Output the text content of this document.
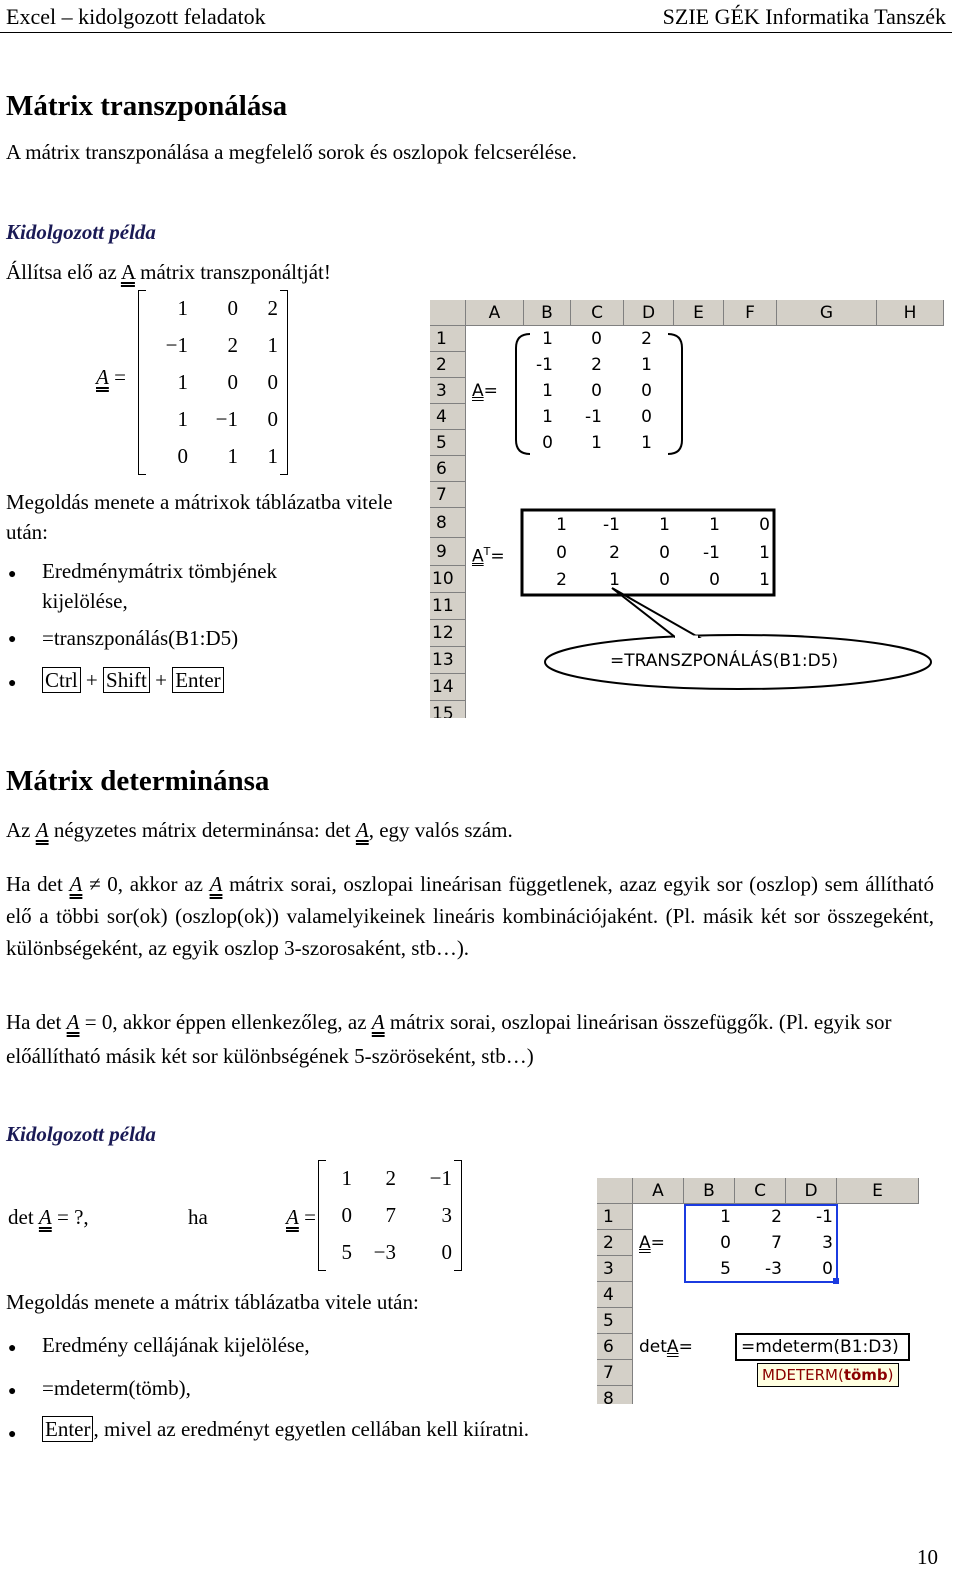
Excel – kidolgozott feladatok	SZIE GÉK Informatika Tanszék
Mátrix transzponálása
A mátrix transzponálása a megfelelő sorok és oszlopok felcserélése.
Kidolgozott példa
Állítsa elő az A mátrix transzponáltját!
A =
1	0	2
−1	2	1
1	0	0
1	−1	0
0	1	1
Megoldás menete a mátrixok táblázatba vitele után:
● Eredménymátrix tömbjének kijelölése,
● =transzponálás(B1:D5)
● Ctrl + Shift + Enter
A	B	C	D	E	F	G	H
1
2
3
4
5
6
7
8
9
10
11
12
13
14
15
A=
1	0	2
-1	2	1
1	0	0
1	-1	0
0	1	1
$A^T=$
1	-1	1	1	0
0	2	0	-1	1
2	1	0	0	1
=TRANSZPONÁLÁS(B1:D5)
Mátrix determinánsa
Az A négyzetes mátrix determinánsa: det A, egy valós szám.
Ha det A ≠ 0, akkor az A mátrix sorai, oszlopai lineárisan függetlenek, azaz egyik sor (oszlop) sem állítható elő a többi sor(ok) (oszlop(ok)) valamelyikeinek lineáris kombinációjaként. (Pl. másik két sor összegeként, különbségeként, az egyik oszlop 3-szorosaként, stb…).
Ha det A = 0, akkor éppen ellenkezőleg, az A mátrix sorai, oszlopai lineárisan összefüggők. (Pl. egyik sor előállítható másik két sor különbségének 5-szöröseként, stb…)
Kidolgozott példa
det A = ?,	ha	A =
1	2	−1
0	7	3
5	−3	0
Megoldás menete a mátrix táblázatba vitele után:
● Eredmény cellájának kijelölése,
● =mdeterm(tömb),
● Enter , mivel az eredményt egyetlen cellában kell kiíratni.
A	B	C	D	E
1
2
3
4
5
6
7
8
A=
1	2	-1
0	7	3
5	-3	0
detA=	=mdeterm(B1:D3)
MDETERM(tömb)
10
